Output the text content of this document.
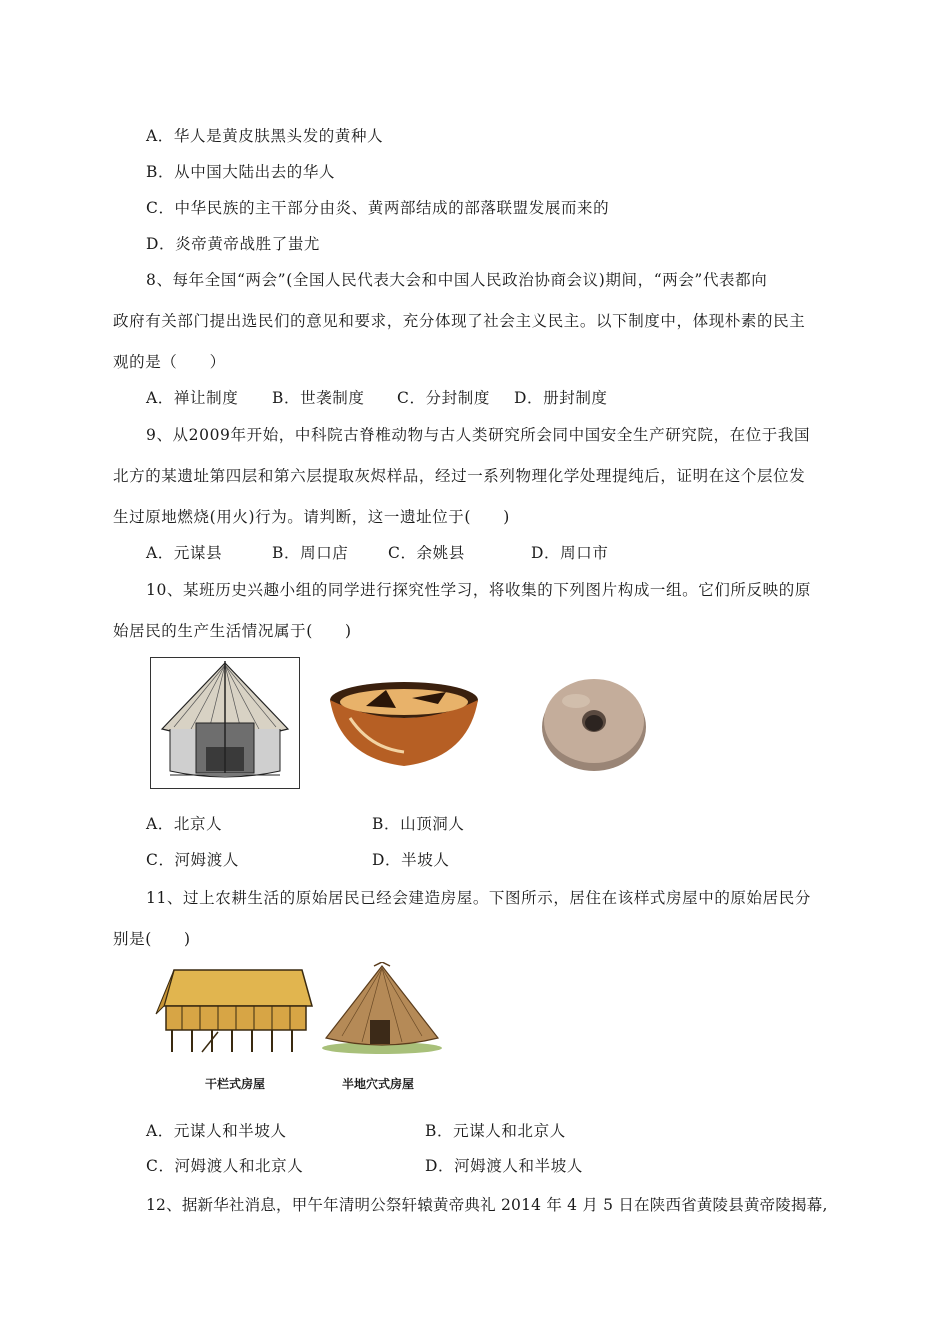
A．华人是黄皮肤黑头发的黄种人
B．从中国大陆出去的华人
C．中华民族的主干部分由炎、黄两部结成的部落联盟发展而来的
D．炎帝黄帝战胜了蚩尤
8、每年全国“两会”(全国人民代表大会和中国人民政治协商会议)期间，“两会”代表都向
政府有关部门提出选民们的意见和要求，充分体现了社会主义民主。以下制度中，体现朴素的民主
观的是（　　）
A．禅让制度 B．世袭制度 C．分封制度 D．册封制度
9、从2009年开始，中科院古脊椎动物与古人类研究所会同中国安全生产研究院，在位于我国
北方的某遗址第四层和第六层提取灰烬样品，经过一系列物理化学处理提纯后，证明在这个层位发
生过原地燃烧(用火)行为。请判断，这一遗址位于(　　)
A．元谋县	B．周口店	C．余姚县	D．周口市
10、某班历史兴趣小组的同学进行探究性学习，将收集的下列图片构成一组。它们所反映的原
始居民的生产生活情况属于(　　)
A．北京人	B．山顶洞人
C．河姆渡人	D．半坡人
11、过上农耕生活的原始居民已经会建造房屋。下图所示，居住在该样式房屋中的原始居民分
别是(　　)
干栏式房屋	半地穴式房屋
A．元谋人和半坡人	B．元谋人和北京人
C．河姆渡人和北京人	D．河姆渡人和半坡人
12、据新华社消息，甲午年清明公祭轩辕黄帝典礼 2014 年 4 月 5 日在陕西省黄陵县黄帝陵揭幕,
